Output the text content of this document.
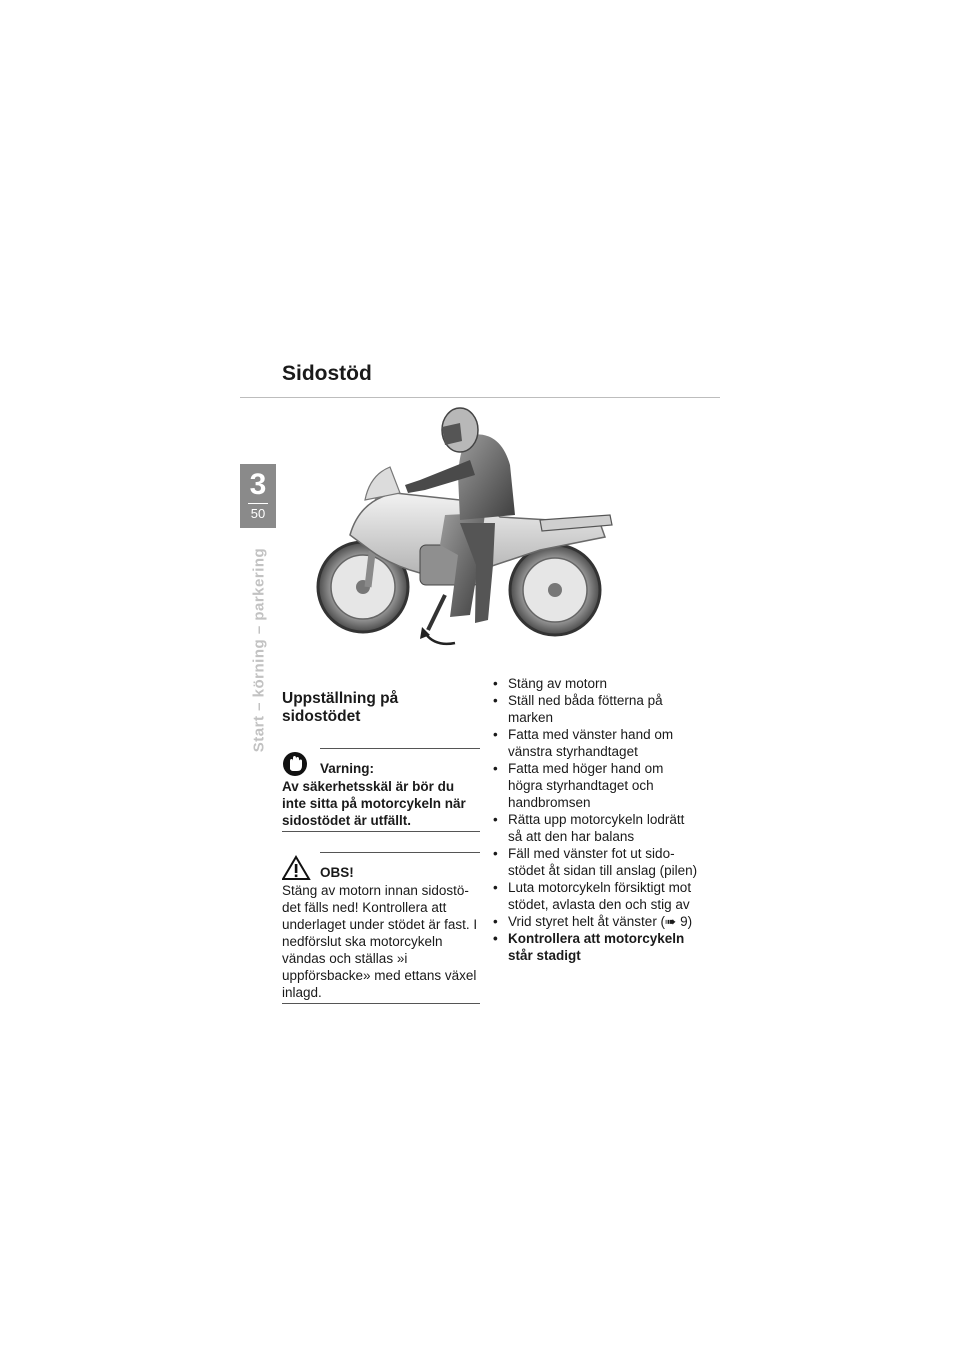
Sidostöd
3
50
Start – körning – parkering Uppställning på sidostödet
Varning:
Av säkerhetsskäl är bör du inte sitta på motorcykeln när sidostödet är utfällt.
OBS!
Stäng av motorn innan sidostö-det fälls ned! Kontrollera att underlaget under stödet är fast. I nedförslut ska motorcykeln vändas och ställas »i uppförsbacke» med ettans växel inlagd.
• Stäng av motorn
• Ställ ned båda fötterna på marken
• Fatta med vänster hand om vänstra styrhandtaget
• Fatta med höger hand om högra styrhandtaget och handbromsen
• Rätta upp motorcykeln lodrätt så att den har balans
• Fäll med vänster fot ut sido-stödet åt sidan till anslag (pilen)
• Luta motorcykeln försiktigt mot stödet, avlasta den och stig av
• Vrid styret helt åt vänster (➠ 9)
• Kontrollera att motorcykeln står stadigt
